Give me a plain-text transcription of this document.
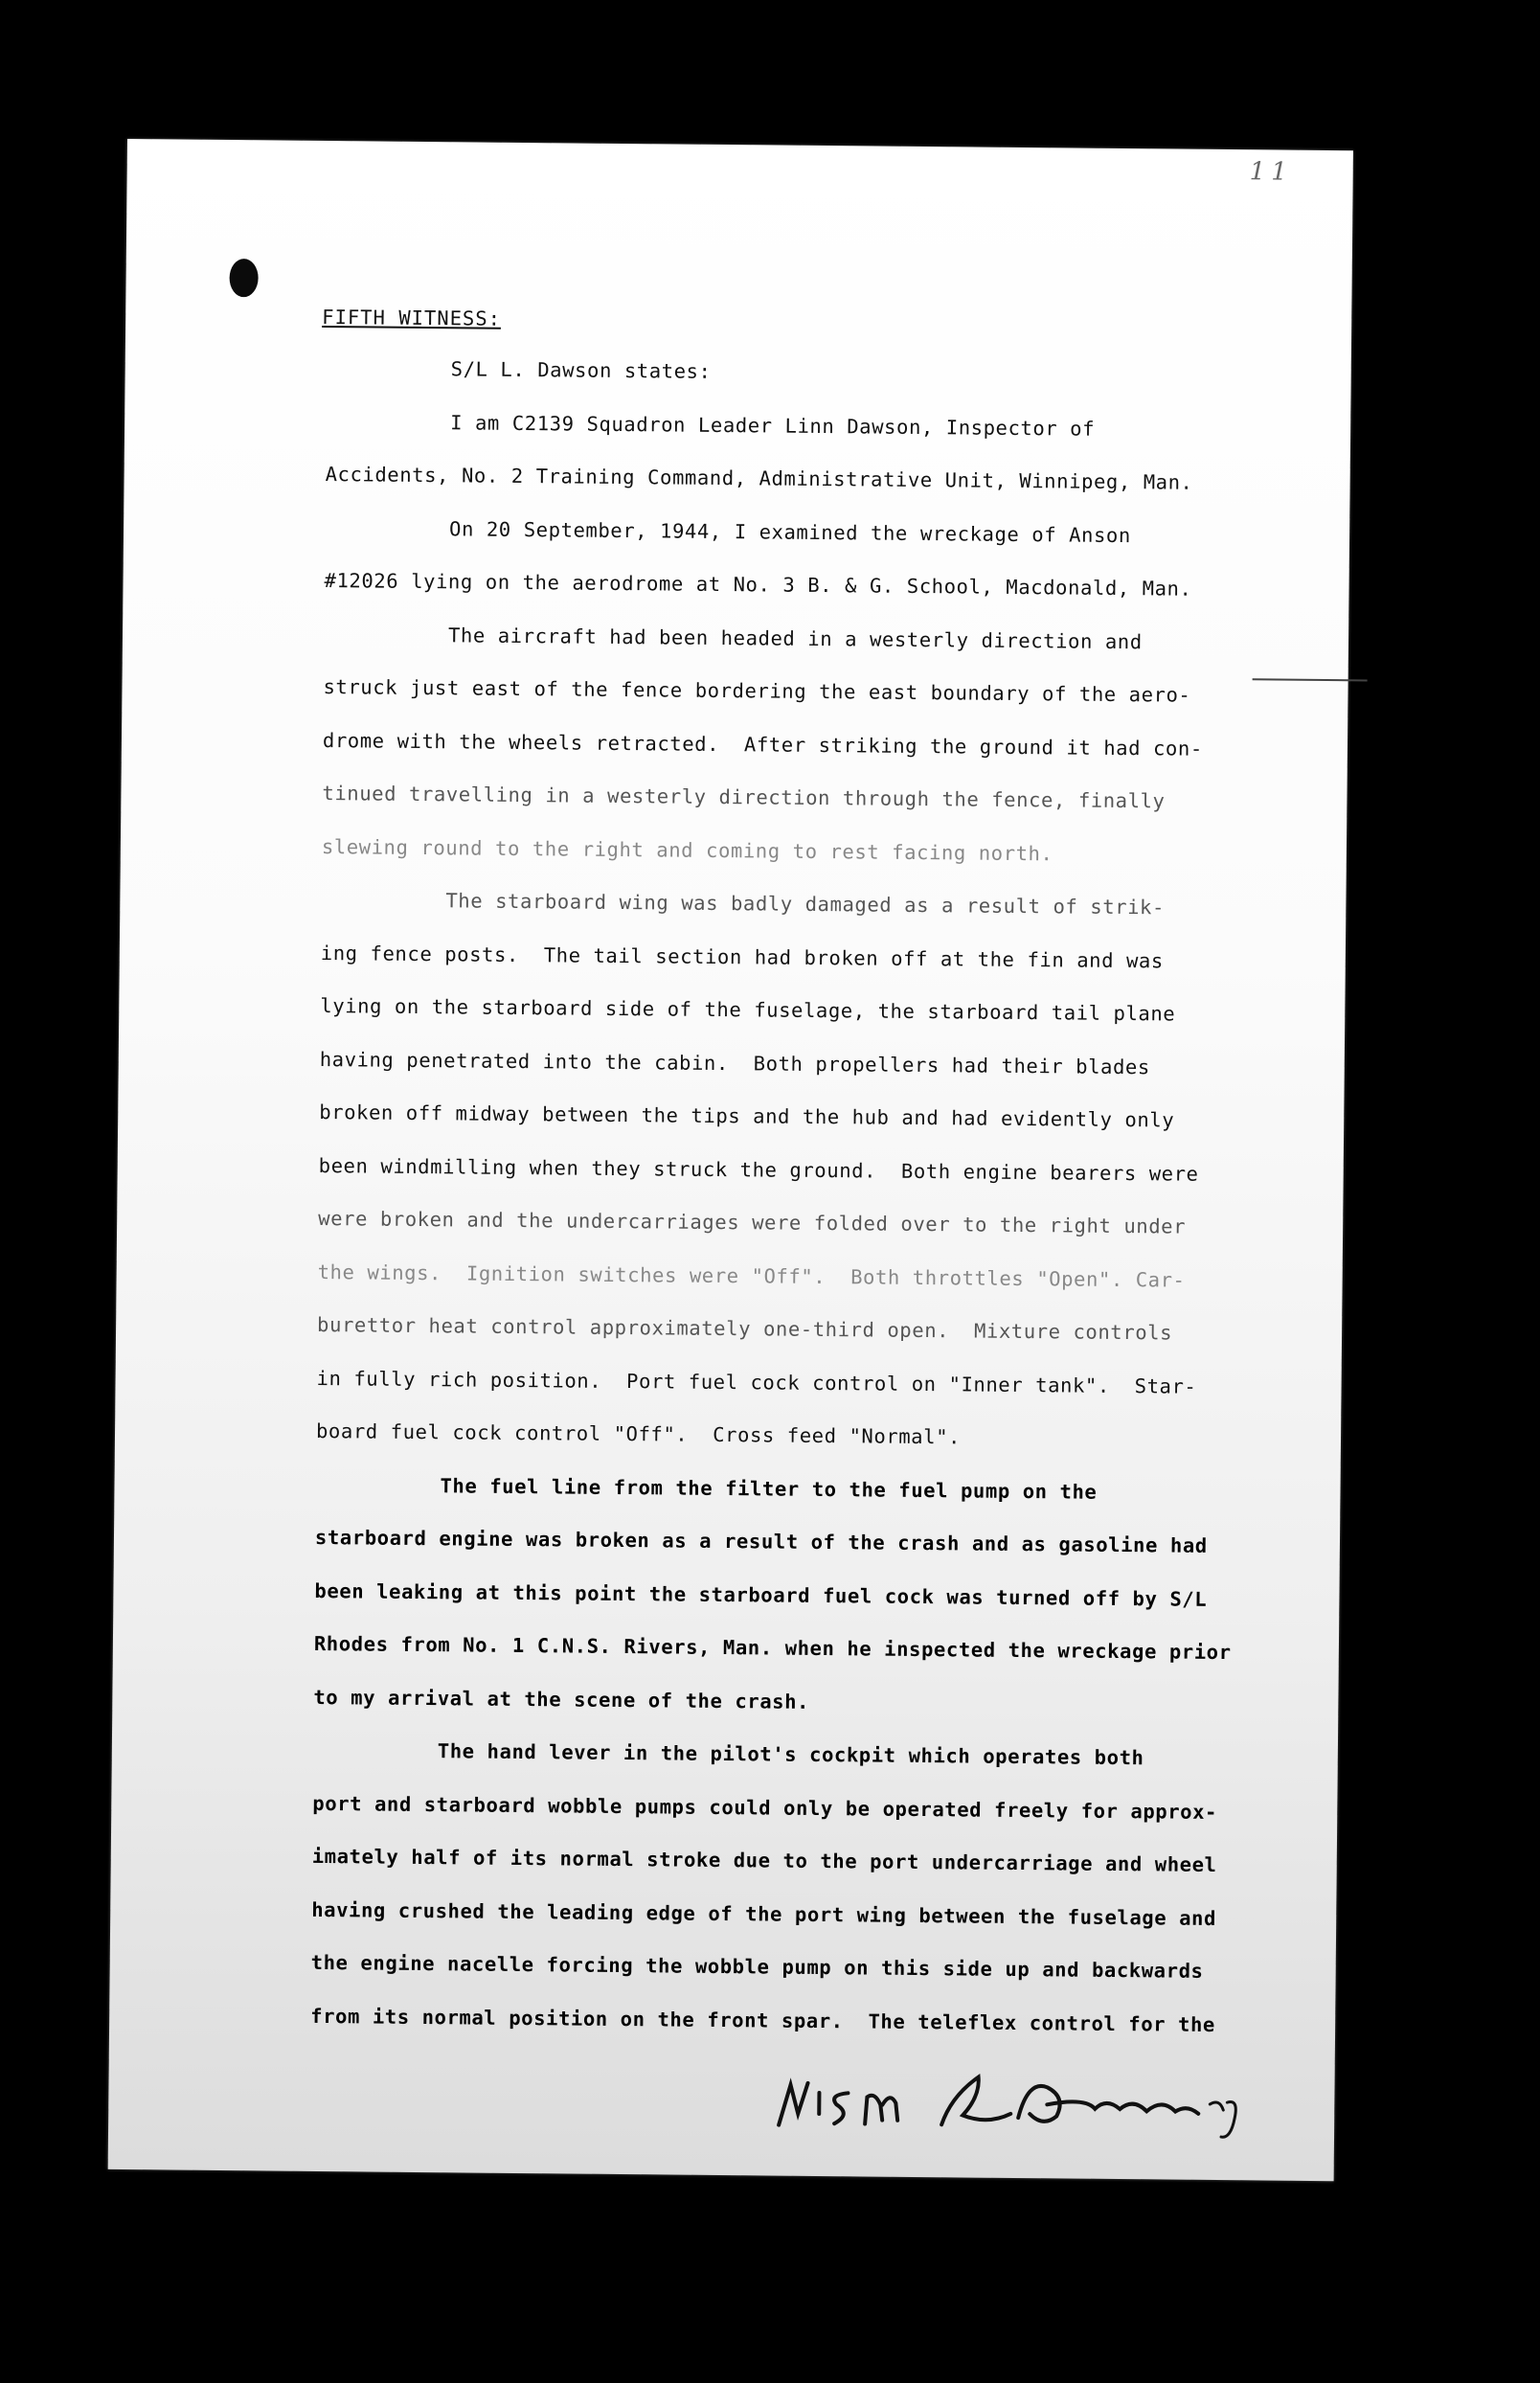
11
FIFTH WITNESS:
S/L L. Dawson states:
I am C2139 Squadron Leader Linn Dawson, Inspector of
Accidents, No. 2 Training Command, Administrative Unit, Winnipeg, Man.
On 20 September, 1944, I examined the wreckage of Anson
#12026 lying on the aerodrome at No. 3 B. & G. School, Macdonald, Man.
The aircraft had been headed in a westerly direction and
struck just east of the fence bordering the east boundary of the aero-
drome with the wheels retracted.  After striking the ground it had con-
tinued travelling in a westerly direction through the fence, finally
slewing round to the right and coming to rest facing north.
The starboard wing was badly damaged as a result of strik-
ing fence posts.  The tail section had broken off at the fin and was
lying on the starboard side of the fuselage, the starboard tail plane
having penetrated into the cabin.  Both propellers had their blades
broken off midway between the tips and the hub and had evidently only
been windmilling when they struck the ground.  Both engine bearers were
were broken and the undercarriages were folded over to the right under
the wings.  Ignition switches were "Off".  Both throttles "Open". Car-
burettor heat control approximately one-third open.  Mixture controls
in fully rich position.  Port fuel cock control on "Inner tank".  Star-
board fuel cock control "Off".  Cross feed "Normal".
The fuel line from the filter to the fuel pump on the
starboard engine was broken as a result of the crash and as gasoline had
been leaking at this point the starboard fuel cock was turned off by S/L
Rhodes from No. 1 C.N.S. Rivers, Man. when he inspected the wreckage prior
to my arrival at the scene of the crash.
The hand lever in the pilot's cockpit which operates both
port and starboard wobble pumps could only be operated freely for approx-
imately half of its normal stroke due to the port undercarriage and wheel
having crushed the leading edge of the port wing between the fuselage and
the engine nacelle forcing the wobble pump on this side up and backwards
from its normal position on the front spar.  The teleflex control for the
W.S.M L. Dawson S/L
